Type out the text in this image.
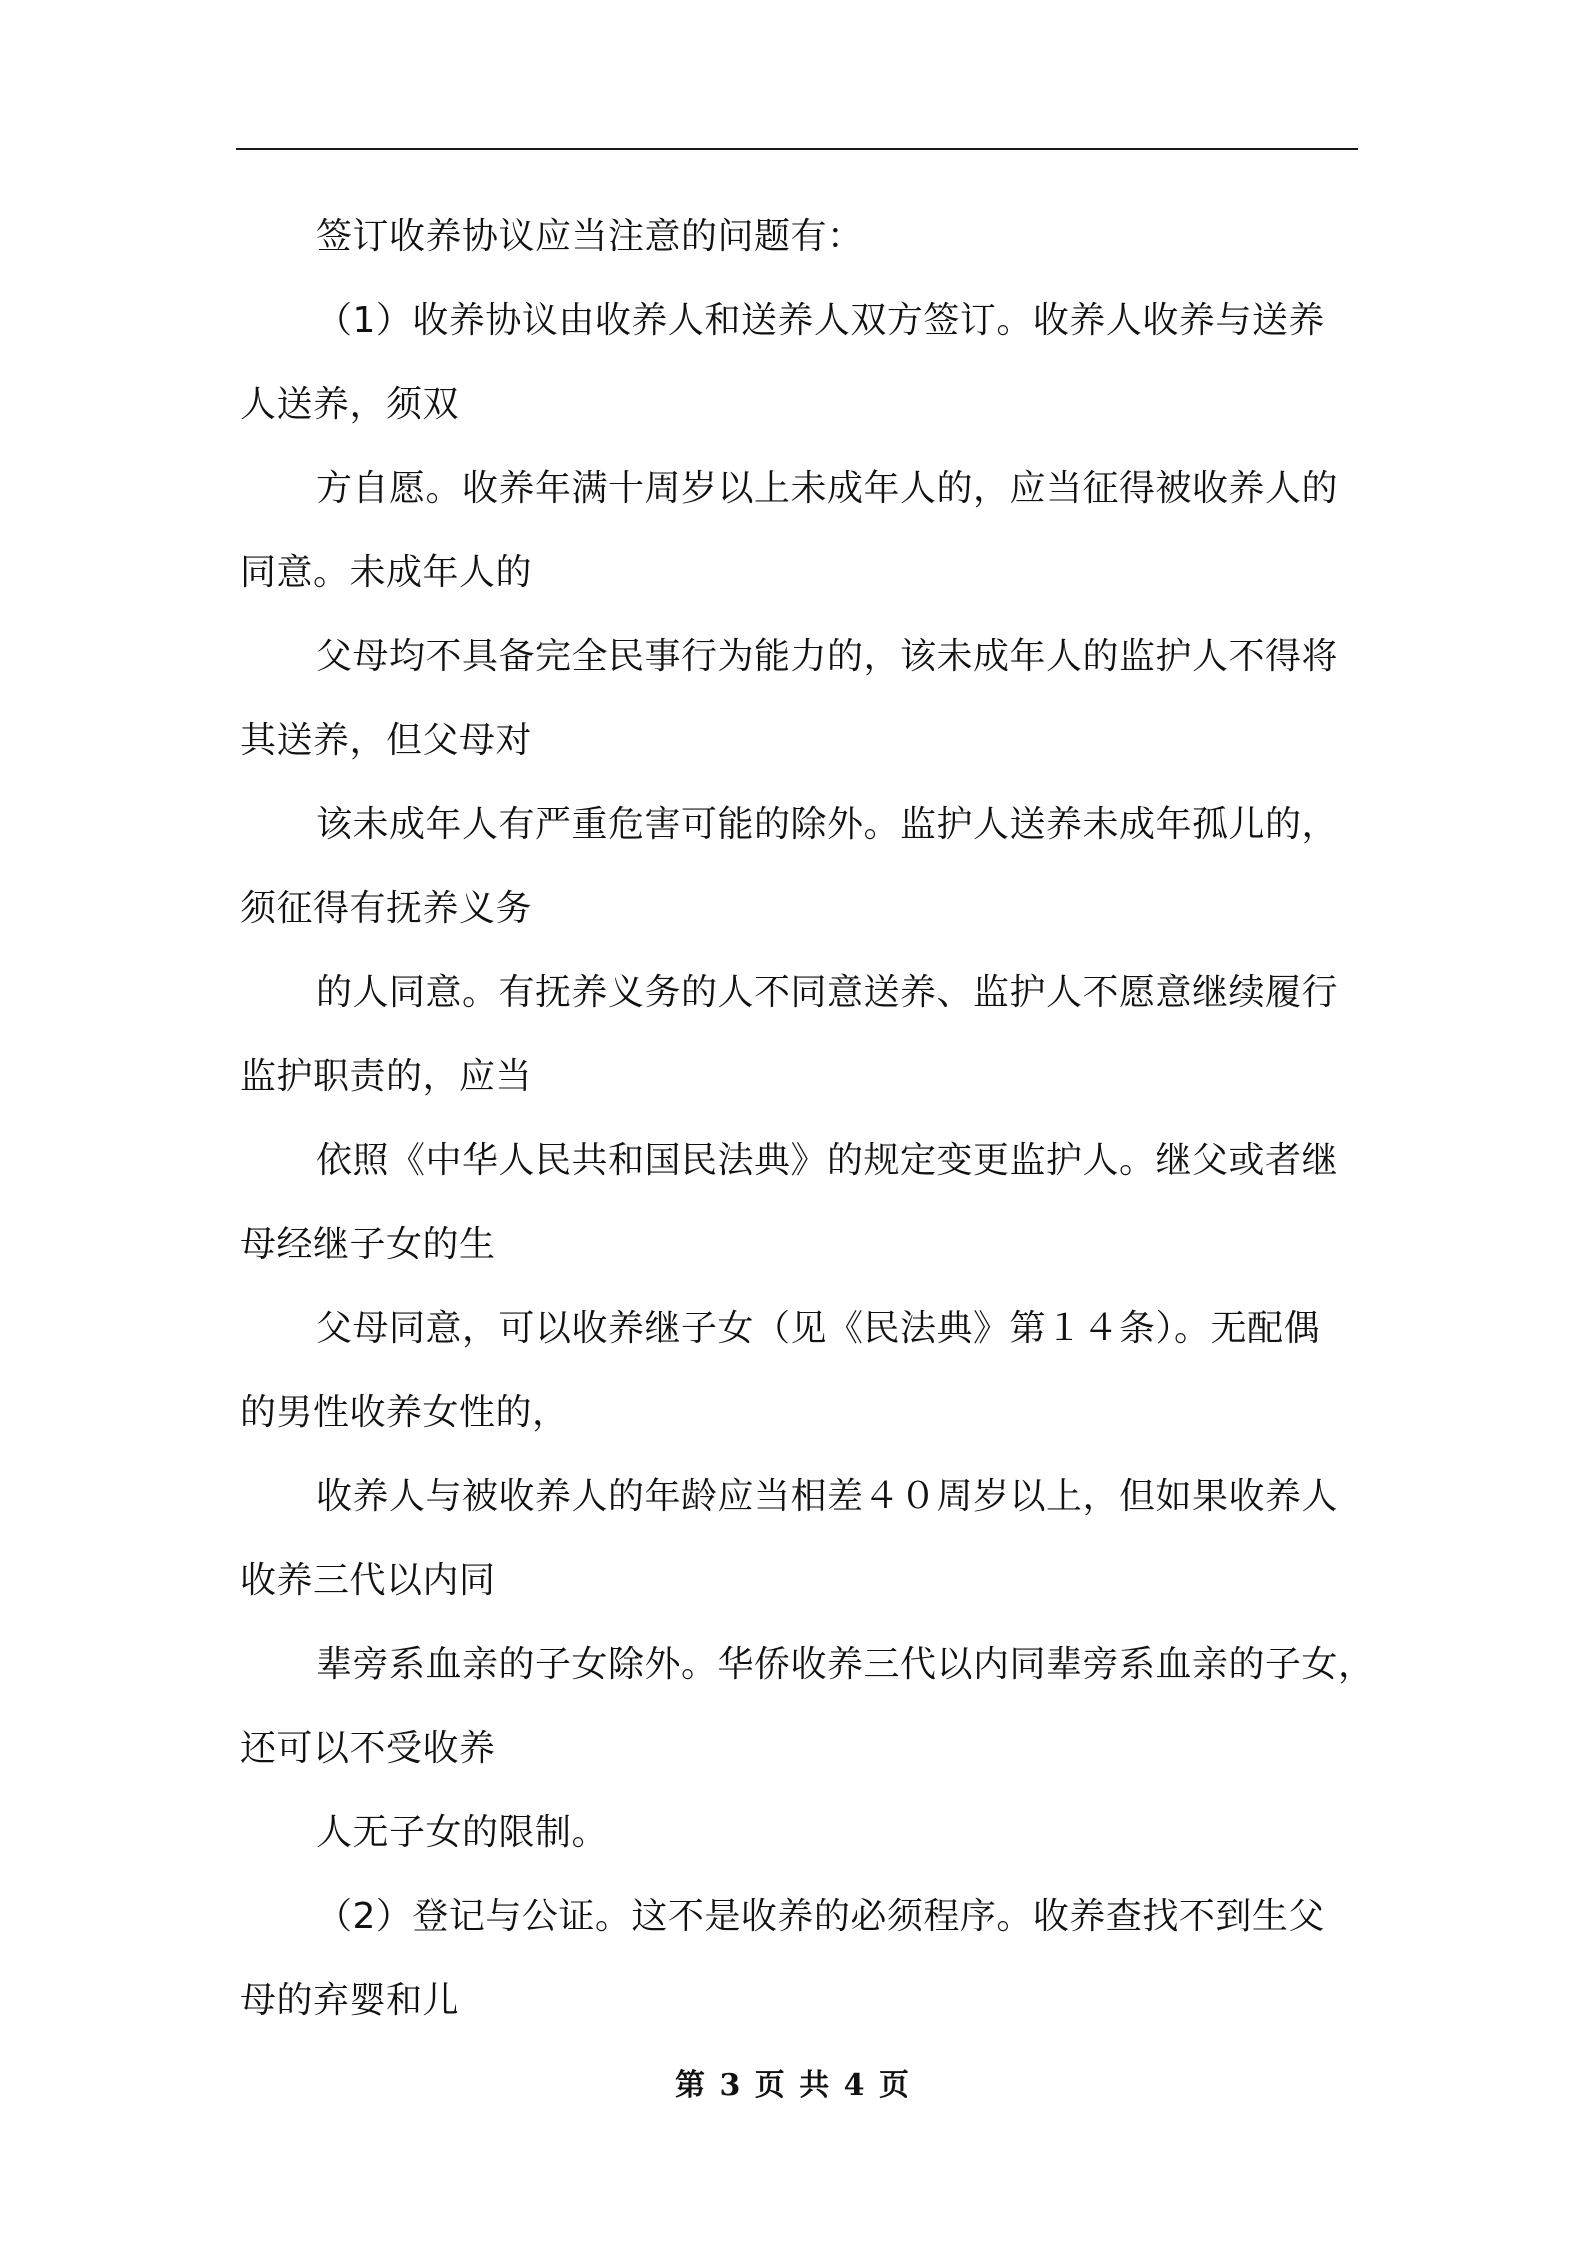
签订收养协议应当注意的问题有：
（1）收养协议由收养人和送养人双方签订。收养人收养与送养
人送养，须双
方自愿。收养年满十周岁以上未成年人的，应当征得被收养人的
同意。未成年人的
父母均不具备完全民事行为能力的，该未成年人的监护人不得将
其送养，但父母对
该未成年人有严重危害可能的除外。监护人送养未成年孤儿的，
须征得有抚养义务
的人同意。有抚养义务的人不同意送养、监护人不愿意继续履行
监护职责的，应当
依照《中华人民共和国民法典》的规定变更监护人。继父或者继
母经继子女的生
父母同意，可以收养继子女（见《民法典》第１４条）。无配偶
的男性收养女性的，
收养人与被收养人的年龄应当相差４０周岁以上，但如果收养人
收养三代以内同
辈旁系血亲的子女除外。华侨收养三代以内同辈旁系血亲的子女，
还可以不受收养
人无子女的限制。
（2）登记与公证。这不是收养的必须程序。收养查找不到生父
母的弃婴和儿
第 3 页 共 4 页
